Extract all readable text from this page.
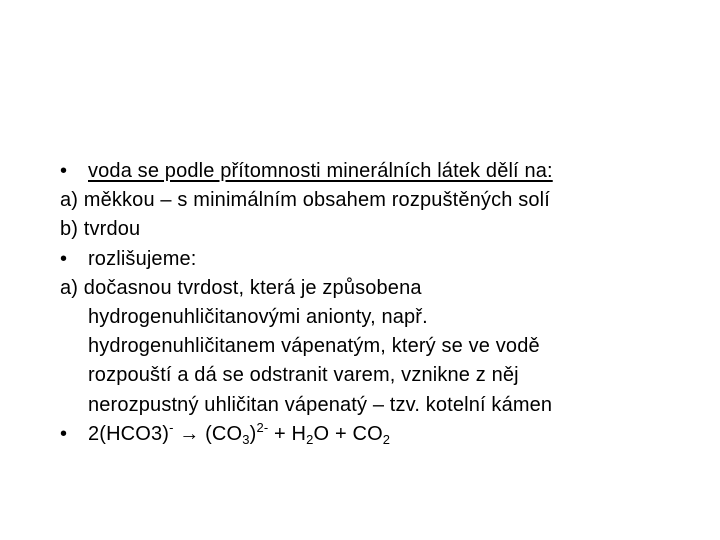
• voda se podle přítomnosti minerálních látek dělí na:
a) měkkou – s minimálním obsahem rozpuštěných solí
b) tvrdou
• rozlišujeme:
a) dočasnou tvrdost, která je způsobena
hydrogenuhličitanovými anionty, např.
hydrogenuhličitanem vápenatým, který se ve vodě
rozpouští a dá se odstranit varem, vznikne z něj
nerozpustný uhličitan vápenatý – tzv. kotelní kámen
• $2(HCO3)^- \to (CO_3)^{2-} + H_2O + CO_2$
